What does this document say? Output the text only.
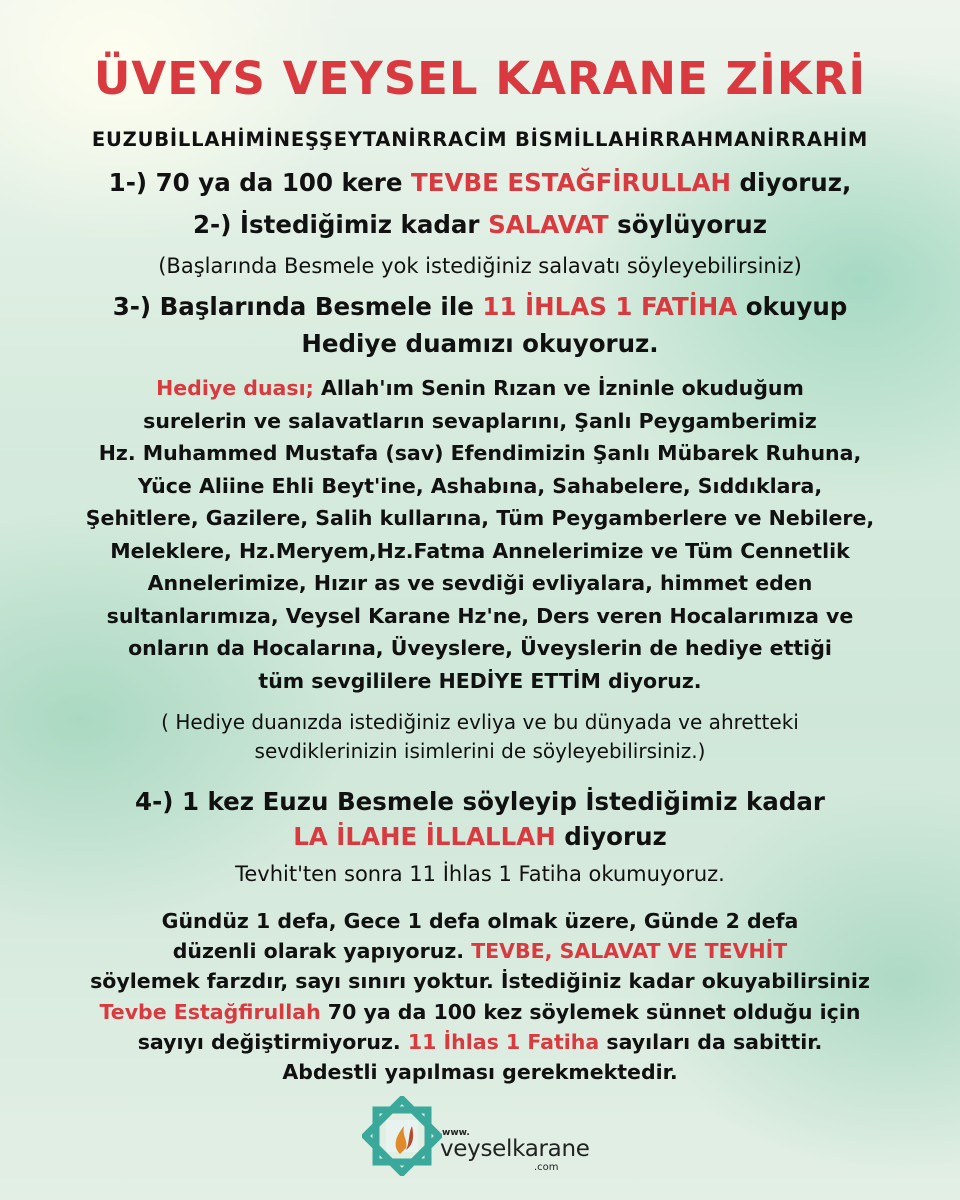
ÜVEYS VEYSEL KARANE ZİKRİ
EUZUBİLLAHİMİNEŞŞEYTANİRRACİM BİSMİLLAHİRRAHMANİRRAHİM
1-) 70 ya da 100 kere TEVBE ESTAĞFİRULLAH diyoruz,
2-) İstediğimiz kadar SALAVAT söylüyoruz
(Başlarında Besmele yok istediğiniz salavatı söyleyebilirsiniz)
3-) Başlarında Besmele ile 11 İHLAS 1 FATİHA okuyup
Hediye duamızı okuyoruz.
Hediye duası; Allah'ım Senin Rızan ve İzninle okuduğum
surelerin ve salavatların sevaplarını, Şanlı Peygamberimiz
Hz. Muhammed Mustafa (sav) Efendimizin Şanlı Mübarek Ruhuna,
Yüce Aliine Ehli Beyt'ine, Ashabına, Sahabelere, Sıddıklara,
Şehitlere, Gazilere, Salih kullarına, Tüm Peygamberlere ve Nebilere,
Meleklere, Hz.Meryem,Hz.Fatma Annelerimize ve Tüm Cennetlik
Annelerimize, Hızır as ve sevdiği evliyalara, himmet eden
sultanlarımıza, Veysel Karane Hz'ne, Ders veren Hocalarımıza ve
onların da Hocalarına, Üveyslere, Üveyslerin de hediye ettiği
tüm sevgililere HEDİYE ETTİM diyoruz.
( Hediye duanızda istediğiniz evliya ve bu dünyada ve ahretteki
sevdiklerinizin isimlerini de söyleyebilirsiniz.)
4-) 1 kez Euzu Besmele söyleyip İstediğimiz kadar
LA İLAHE İLLALLAH diyoruz
Tevhit'ten sonra 11 İhlas 1 Fatiha okumuyoruz.
Gündüz 1 defa, Gece 1 defa olmak üzere, Günde 2 defa
düzenli olarak yapıyoruz. TEVBE, SALAVAT VE TEVHİT
söylemek farzdır, sayı sınırı yoktur. İstediğiniz kadar okuyabilirsiniz
Tevbe Estağfirullah 70 ya da 100 kez söylemek sünnet olduğu için
sayıyı değiştirmiyoruz. 11 İhlas 1 Fatiha sayıları da sabittir.
Abdestli yapılması gerekmektedir.
www.
veyselkarane
.com
